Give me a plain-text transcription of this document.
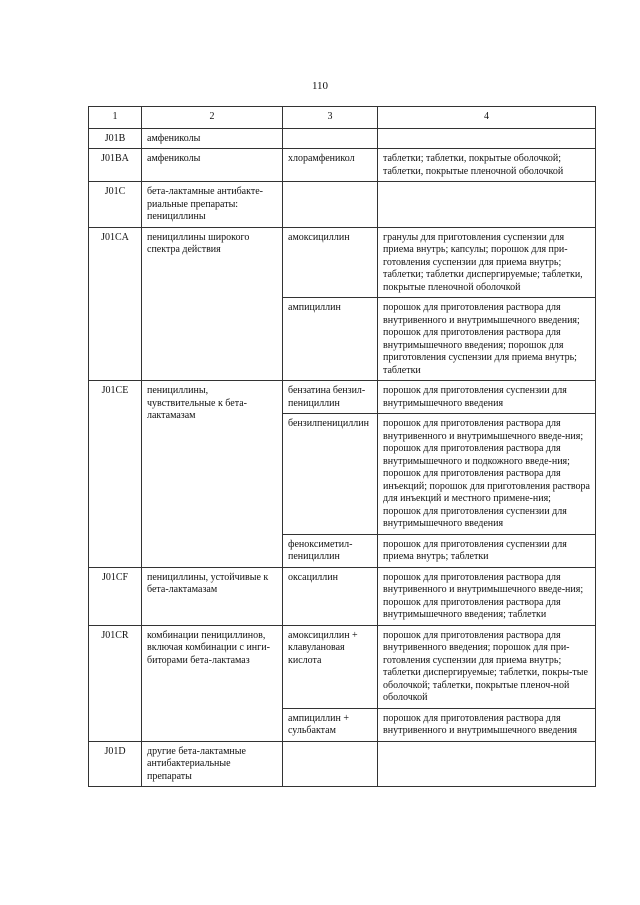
110
1	2	3	4
J01B	амфениколы		
J01BA	амфениколы	хлорамфеникол	таблетки; таблетки, покрытые оболочкой; таблетки, покрытые пленочной оболочкой
J01C	бета-лактамные антибакте-риальные препараты: пенициллины		
J01CA	пенициллины широкого спектра действия	амоксициллин	гранулы для приготовления суспензии для приема внутрь; капсулы; порошок для при-готовления суспензии для приема внутрь; таблетки; таблетки диспергируемые; таблетки, покрытые пленочной оболочкой
		ампициллин	порошок для приготовления раствора для внутривенного и внутримышечного введения; порошок для приготовления раствора для внутримышечного введения; порошок для приготовления суспензии для приема внутрь; таблетки
J01CE	пенициллины, чувствительные к бета-лактамазам	бензатина бензил-пенициллин	порошок для приготовления суспензии для внутримышечного введения
		бензилпенициллин	порошок для приготовления раствора для внутривенного и внутримышечного введе-ния; порошок для приготовления раствора для внутримышечного и подкожного введе-ния; порошок для приготовления раствора для инъекций; порошок для приготовления раствора для инъекций и местного примене-ния; порошок для приготовления суспензии для внутримышечного введения
		феноксиметил-пенициллин	порошок для приготовления суспензии для приема внутрь; таблетки
J01CF	пенициллины, устойчивые к бета-лактамазам	оксациллин	порошок для приготовления раствора для внутривенного и внутримышечного введе-ния; порошок для приготовления раствора для внутримышечного введения; таблетки
J01CR	комбинации пенициллинов, включая комбинации с инги-биторами бета-лактамаз	амоксициллин + клавулановая кислота	порошок для приготовления раствора для внутривенного введения; порошок для при-готовления суспензии для приема внутрь; таблетки диспергируемые; таблетки, покры-тые оболочкой; таблетки, покрытые пленоч-ной оболочкой
		ампициллин + сульбактам	порошок для приготовления раствора для внутривенного и внутримышечного введения
J01D	другие бета-лактамные антибактериальные препараты		
